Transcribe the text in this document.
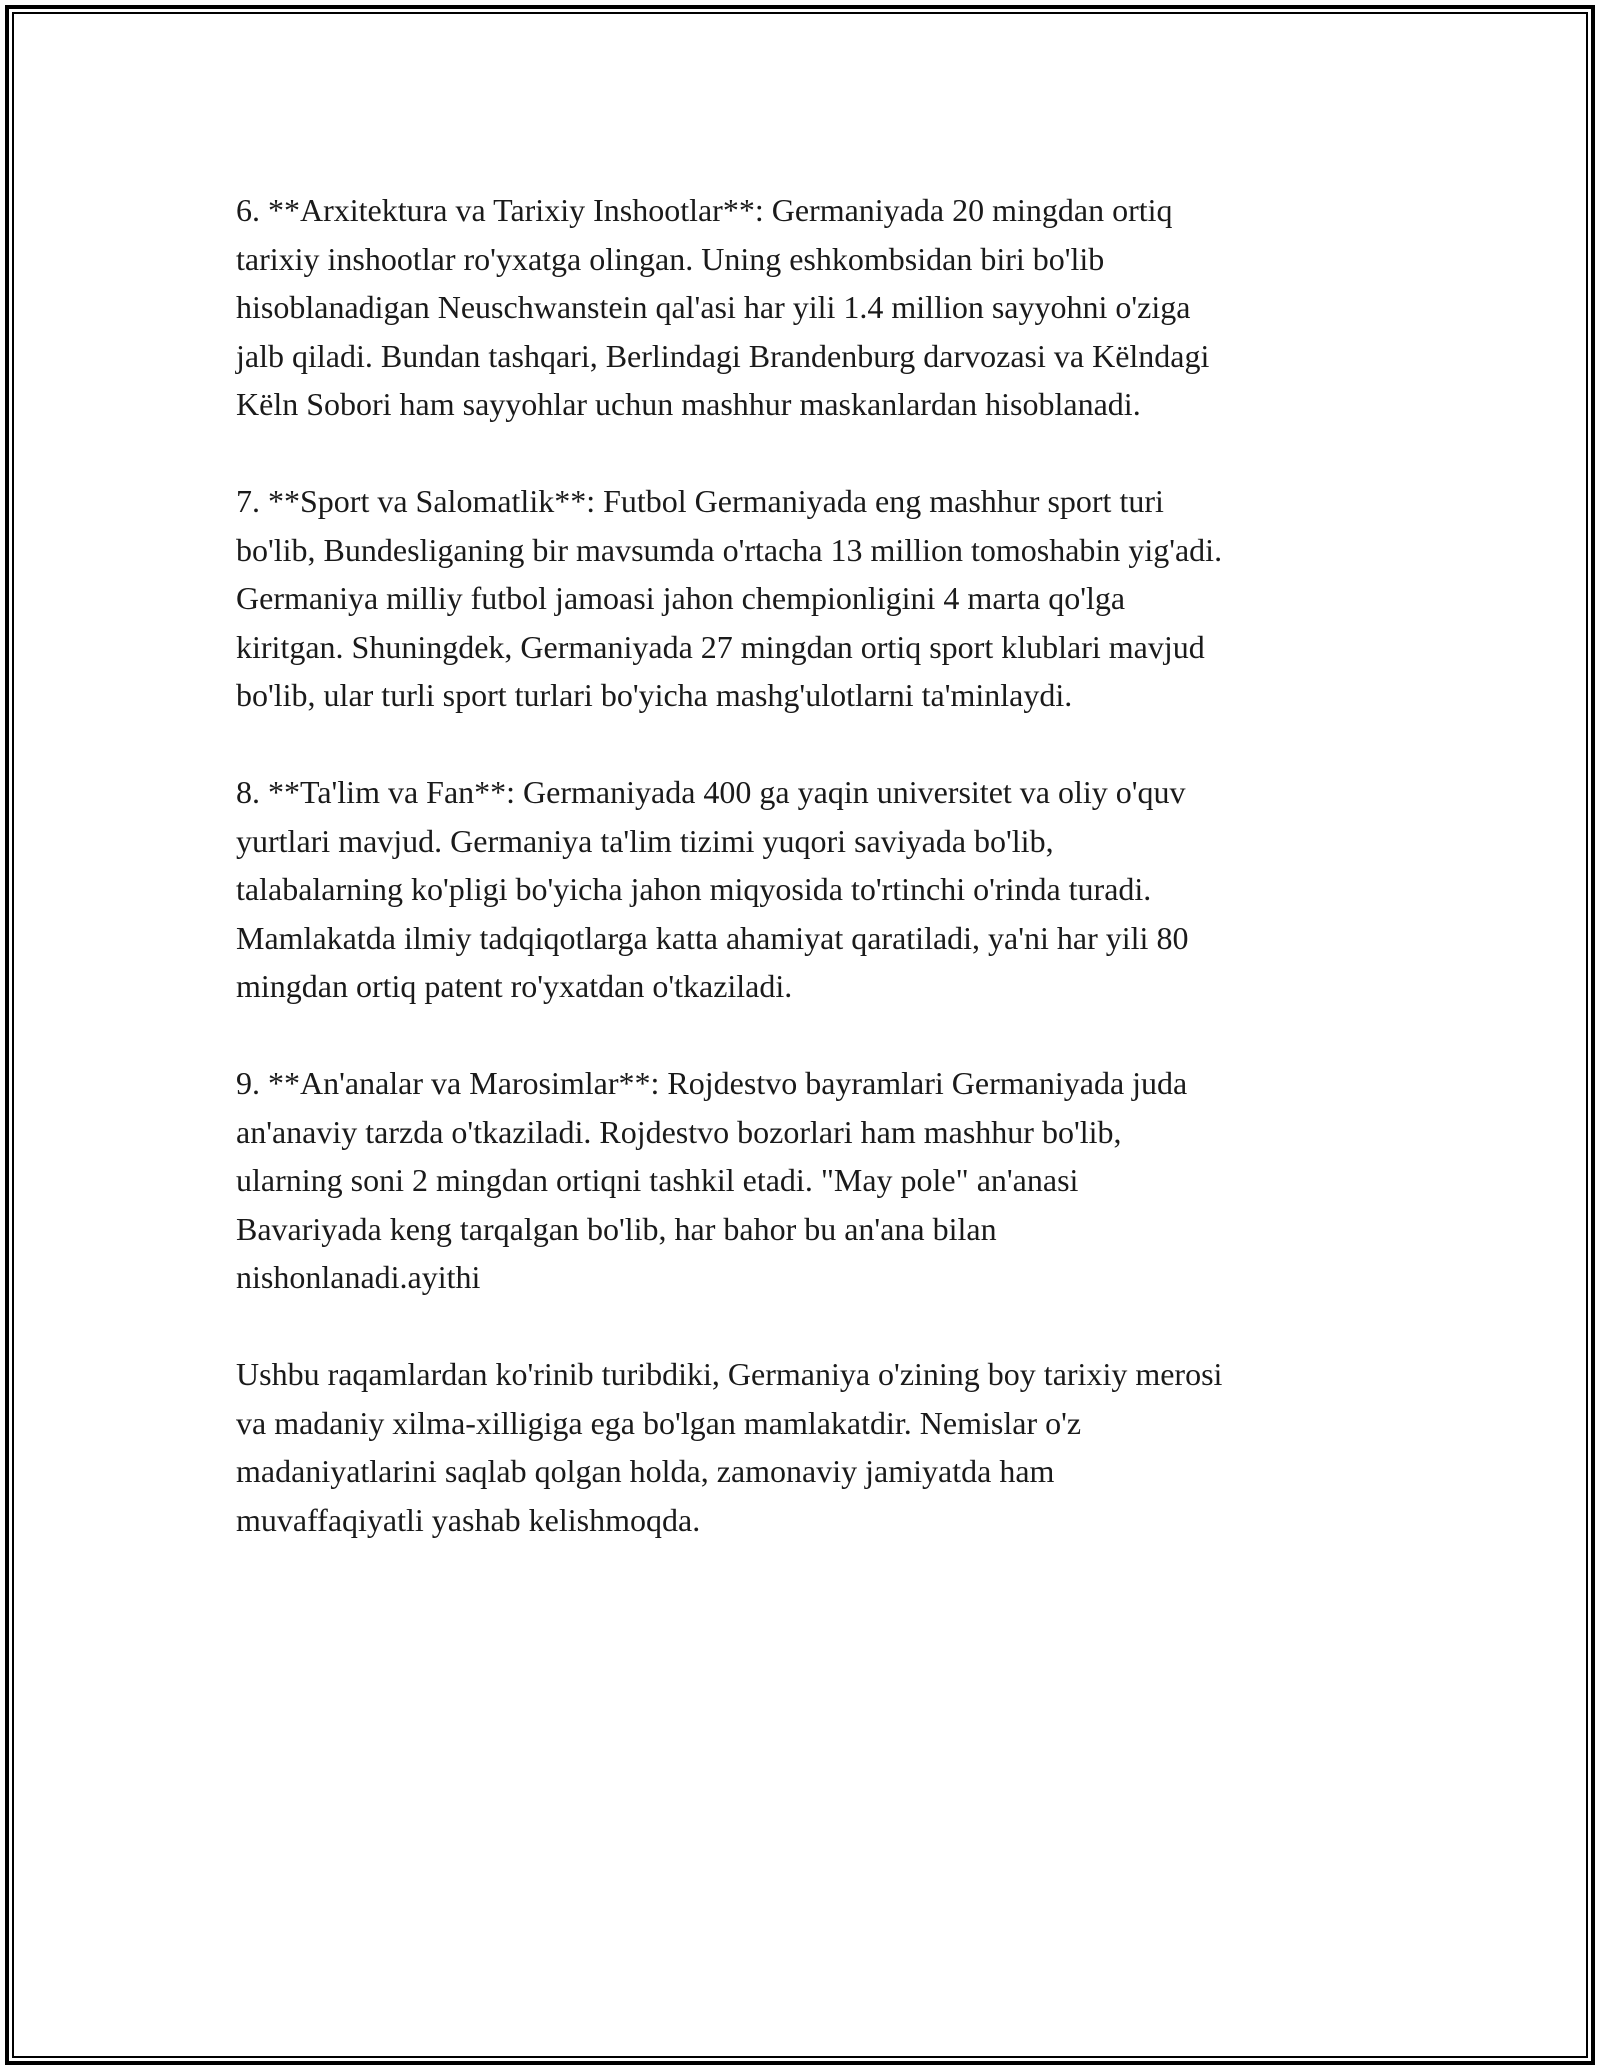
6. **Arxitektura va Tarixiy Inshootlar**: Germaniyada 20 mingdan ortiq
tarixiy inshootlar ro'yxatga olingan. Uning eshkombsidan biri bo'lib
hisoblanadigan Neuschwanstein qal'asi har yili 1.4 million sayyohni o'ziga
jalb qiladi. Bundan tashqari, Berlindagi Brandenburg darvozasi va Këlndagi
Këln Sobori ham sayyohlar uchun mashhur maskanlardan hisoblanadi.

7. **Sport va Salomatlik**: Futbol Germaniyada eng mashhur sport turi
bo'lib, Bundesliganing bir mavsumda o'rtacha 13 million tomoshabin yig'adi.
Germaniya milliy futbol jamoasi jahon chempionligini 4 marta qo'lga
kiritgan. Shuningdek, Germaniyada 27 mingdan ortiq sport klublari mavjud
bo'lib, ular turli sport turlari bo'yicha mashg'ulotlarni ta'minlaydi.

8. **Ta'lim va Fan**: Germaniyada 400 ga yaqin universitet va oliy o'quv
yurtlari mavjud. Germaniya ta'lim tizimi yuqori saviyada bo'lib,
talabalarning ko'pligi bo'yicha jahon miqyosida to'rtinchi o'rinda turadi.
Mamlakatda ilmiy tadqiqotlarga katta ahamiyat qaratiladi, ya'ni har yili 80
mingdan ortiq patent ro'yxatdan o'tkaziladi.

9. **An'analar va Marosimlar**: Rojdestvo bayramlari Germaniyada juda
an'anaviy tarzda o'tkaziladi. Rojdestvo bozorlari ham mashhur bo'lib,
ularning soni 2 mingdan ortiqni tashkil etadi. "May pole" an'anasi
Bavariyada keng tarqalgan bo'lib, har bahor bu an'ana bilan
nishonlanadi.ayithi

Ushbu raqamlardan ko'rinib turibdiki, Germaniya o'zining boy tarixiy merosi
va madaniy xilma-xilligiga ega bo'lgan mamlakatdir. Nemislar o'z
madaniyatlarini saqlab qolgan holda, zamonaviy jamiyatda ham
muvaffaqiyatli yashab kelishmoqda.
